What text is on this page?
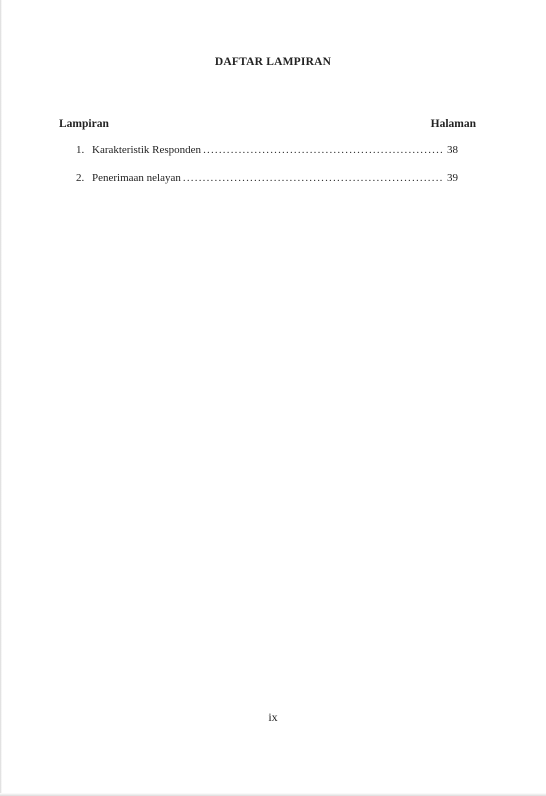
DAFTAR LAMPIRAN
Lampiran	Halaman
1. Karakteristik Responden .....	38
2. Penerimaan nelayan .....	39
ix
